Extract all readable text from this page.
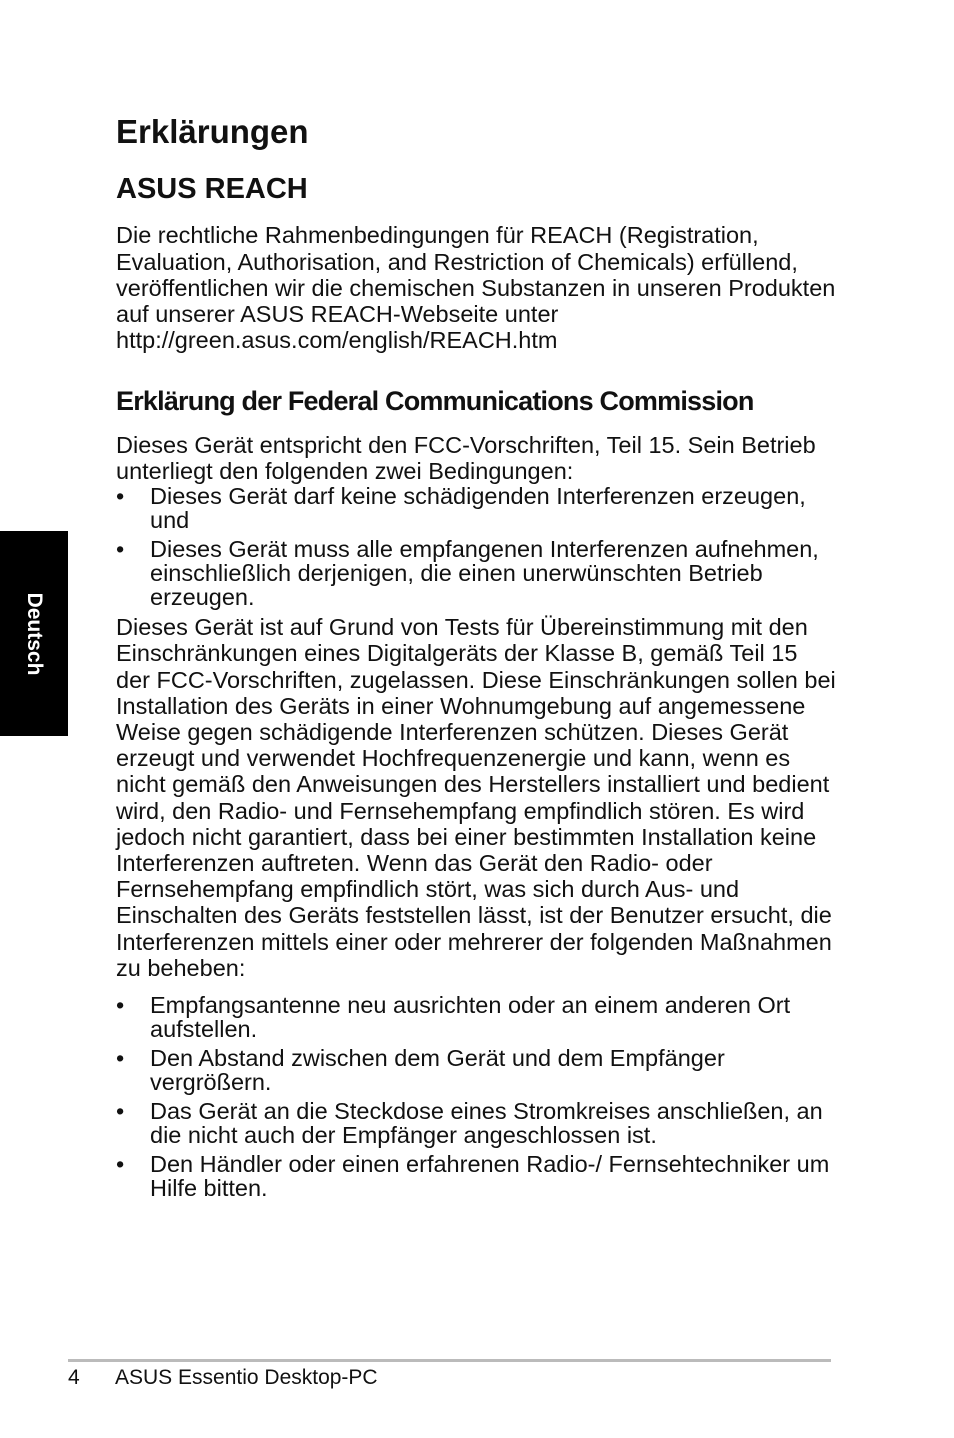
Deutsch
Erklärungen
ASUS REACH

Die rechtliche Rahmenbedingungen für REACH (Registration, Evaluation, Authorisation, and Restriction of Chemicals) erfüllend, veröffentlichen wir die chemischen Substanzen in unseren Produkten auf unserer ASUS REACH-Webseite unter http://green.asus.com/english/REACH.htm

Erklärung der Federal Communications Commission

Dieses Gerät entspricht den FCC-Vorschriften, Teil 15. Sein Betrieb unterliegt den folgenden zwei Bedingungen:

•	Dieses Gerät darf keine schädigenden Interferenzen erzeugen, und
•	Dieses Gerät muss alle empfangenen Interferenzen aufnehmen, einschließlich derjenigen, die einen unerwünschten Betrieb erzeugen.

Dieses Gerät ist auf Grund von Tests für Übereinstimmung mit den Einschränkungen eines Digitalgeräts der Klasse B, gemäß Teil 15 der FCC-Vorschriften, zugelassen. Diese Einschränkungen sollen bei Installation des Geräts in einer Wohnumgebung auf angemessene Weise gegen schädigende Interferenzen schützen. Dieses Gerät erzeugt und verwendet Hochfrequenzenergie und kann, wenn es nicht gemäß den Anweisungen des Herstellers installiert und bedient wird, den Radio- und Fernsehempfang empfindlich stören. Es wird jedoch nicht garantiert, dass bei einer bestimmten Installation keine Interferenzen auftreten. Wenn das Gerät den Radio- oder Fernsehempfang empfindlich stört, was sich durch Aus- und Einschalten des Geräts feststellen lässt, ist der Benutzer ersucht, die Interferenzen mittels einer oder mehrerer der folgenden Maßnahmen zu beheben:

•	Empfangsantenne neu ausrichten oder an einem anderen Ort aufstellen.
•	Den Abstand zwischen dem Gerät und dem Empfänger vergrößern.
•	Das Gerät an die Steckdose eines Stromkreises anschließen, an die nicht auch der Empfänger angeschlossen ist.
•	Den Händler oder einen erfahrenen Radio-/ Fernsehtechniker um Hilfe bitten.
4 ASUS Essentio Desktop-PC
